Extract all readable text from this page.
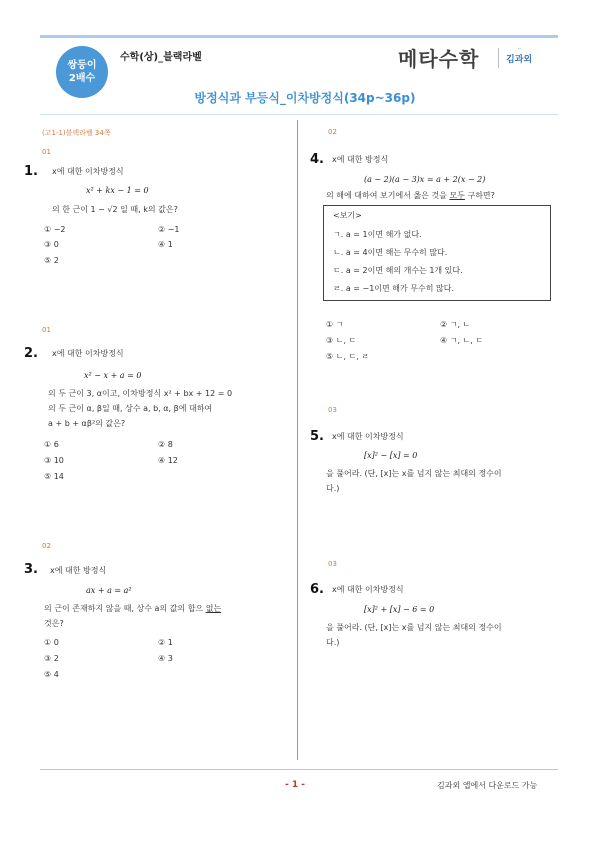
쌍둥이
2배수
수학(상)_블랙라벨	메타수학	ᆢ
김과외
방정식과 부등식_이차방정식(34p~36p)
(고1-1)블랙라벨 34쪽
01
1. x에 대한 이차방정식
x² + kx − 1 = 0
의 한 근이 1 − √2 일 때, k의 값은?
① −2	② −1
③ 0	④ 1
⑤ 2
01
2. x에 대한 이차방정식
x² − x + a = 0
의 두 근이 3, α이고, 이차방정식 x² + bx + 12 = 0
의 두 근이 α, β일 때, 상수 a, b, α, β에 대하여
a + b + αβ²의 값은?
① 6	② 8
③ 10	④ 12
⑤ 14
02
3. x에 대한 방정식
ax + a = a²
의 근이 존재하지 않을 때, 상수 a의 값의 합으 없는
것은?
① 0	② 1
③ 2	④ 3
⑤ 4
02
4. x에 대한 방정식
(a − 2)(a − 3)x = a + 2(x − 2)
의 해에 대하여 보기에서 옳은 것을 모두 구하면?
<보기>
ㄱ. a = 1이면 해가 없다.
ㄴ. a = 4이면 해는 무수히 많다.
ㄷ. a = 2이면 해의 개수는 1개 있다.
ㄹ. a = −1이면 해가 무수히 많다.
① ㄱ	② ㄱ, ㄴ
③ ㄴ, ㄷ	④ ㄱ, ㄴ, ㄷ
⑤ ㄴ, ㄷ, ㄹ
03
5. x에 대한 이차방정식
[x]² − [x] = 0
을 풀어라. (단, [x]는 x를 넘지 않는 최대의 정수이
다.)
03
6. x에 대한 이차방정식
[x]² + [x] − 6 = 0
을 풀어라. (단, [x]는 x를 넘지 않는 최대의 정수이
다.)
- 1 -	김과외 앱에서 다운로드 가능
